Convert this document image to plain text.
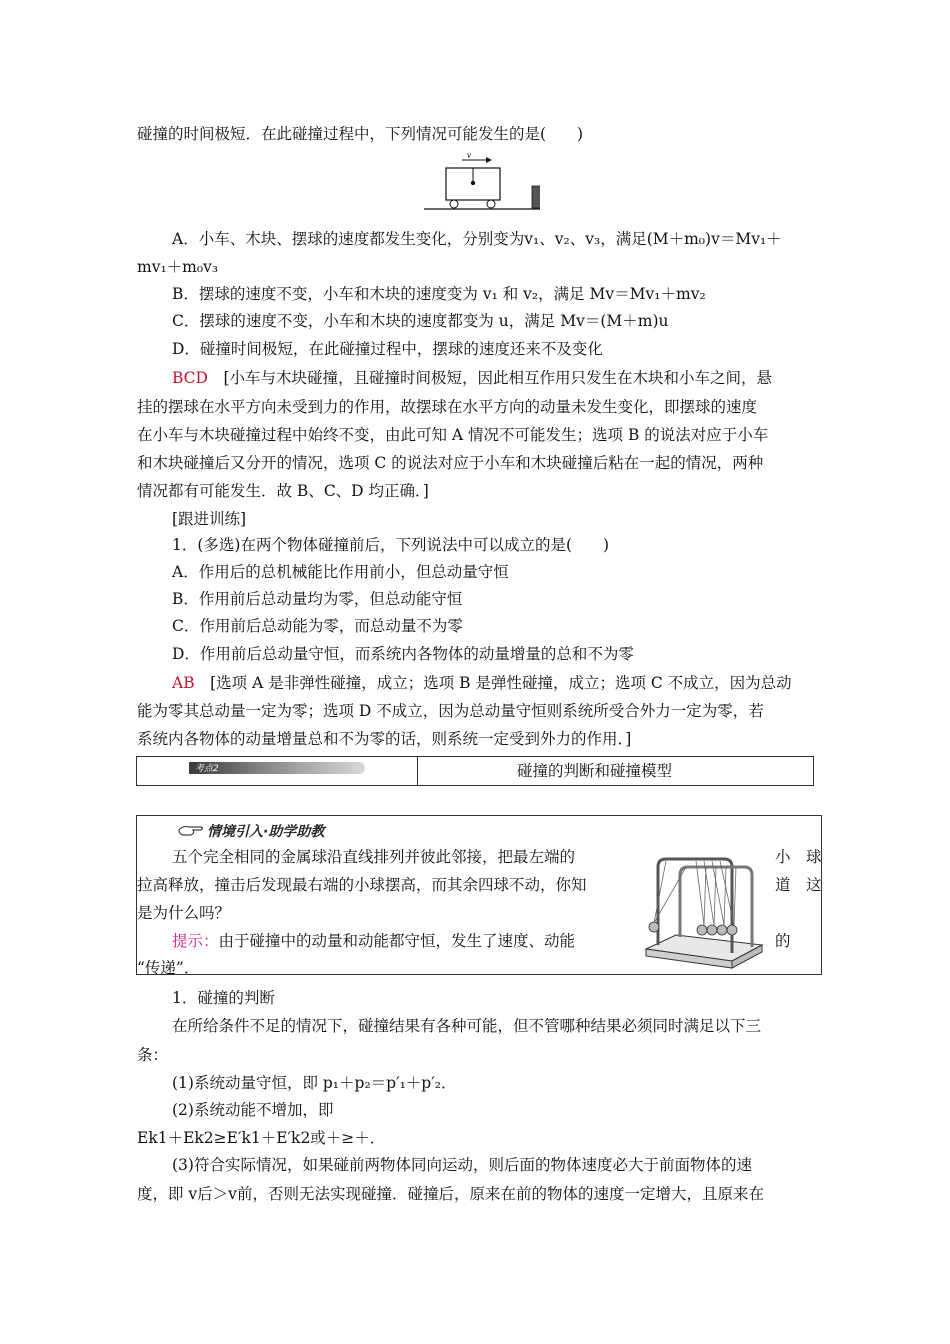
碰撞的时间极短．在此碰撞过程中，下列情况可能发生的是(　　)
v
A．小车、木块、摆球的速度都发生变化，分别变为v₁、v₂、v₃，满足(M＋m₀)v＝Mv₁＋
mv₁＋m₀v₃
B．摆球的速度不变，小车和木块的速度变为 v₁ 和 v₂，满足 Mv＝Mv₁＋mv₂
C．摆球的速度不变，小车和木块的速度都变为 u，满足 Mv＝(M＋m)u
D．碰撞时间极短，在此碰撞过程中，摆球的速度还来不及变化
BCD　 [小车与木块碰撞，且碰撞时间极短，因此相互作用只发生在木块和小车之间，悬
挂的摆球在水平方向未受到力的作用，故摆球在水平方向的动量未发生变化，即摆球的速度
在小车与木块碰撞过程中始终不变，由此可知 A 情况不可能发生；选项 B 的说法对应于小车
和木块碰撞后又分开的情况，选项 C 的说法对应于小车和木块碰撞后粘在一起的情况，两种
情况都有可能发生．故 B、C、D 均正确．]
[跟进训练]
1．(多选)在两个物体碰撞前后，下列说法中可以成立的是(　　)
A．作用后的总机械能比作用前小，但总动量守恒
B．作用前后总动量均为零，但总动能守恒
C．作用前后总动能为零，而总动量不为零
D．作用前后总动量守恒，而系统内各物体的动量增量的总和不为零
AB　 [选项 A 是非弹性碰撞，成立；选项 B 是弹性碰撞，成立；选项 C 不成立，因为总动
能为零其总动量一定为零；选项 D 不成立，因为总动量守恒则系统所受合外力一定为零，若
系统内各物体的动量增量总和不为零的话，则系统一定受到外力的作用．]
考点2	碰撞的判断和碰撞模型
情境引入·助学助教
五个完全相同的金属球沿直线排列并彼此邻接，把最左端的
拉高释放，撞击后发现最右端的小球摆高，而其余四球不动，你知
是为什么吗？
提示：由于碰撞中的动量和动能都守恒，发生了速度、动能
“传递”．
小　球
道　这
的
1．碰撞的判断
在所给条件不足的情况下，碰撞结果有各种可能，但不管哪种结果必须同时满足以下三
条：
(1)系统动量守恒，即 p₁＋p₂＝p′₁＋p′₂．
(2)系统动能不增加，即
Ek1＋Ek2≥E′k1＋E′k2或＋≥＋．
(3)符合实际情况，如果碰前两物体同向运动，则后面的物体速度必大于前面物体的速
度，即 v后＞v前，否则无法实现碰撞．碰撞后，原来在前的物体的速度一定增大，且原来在
